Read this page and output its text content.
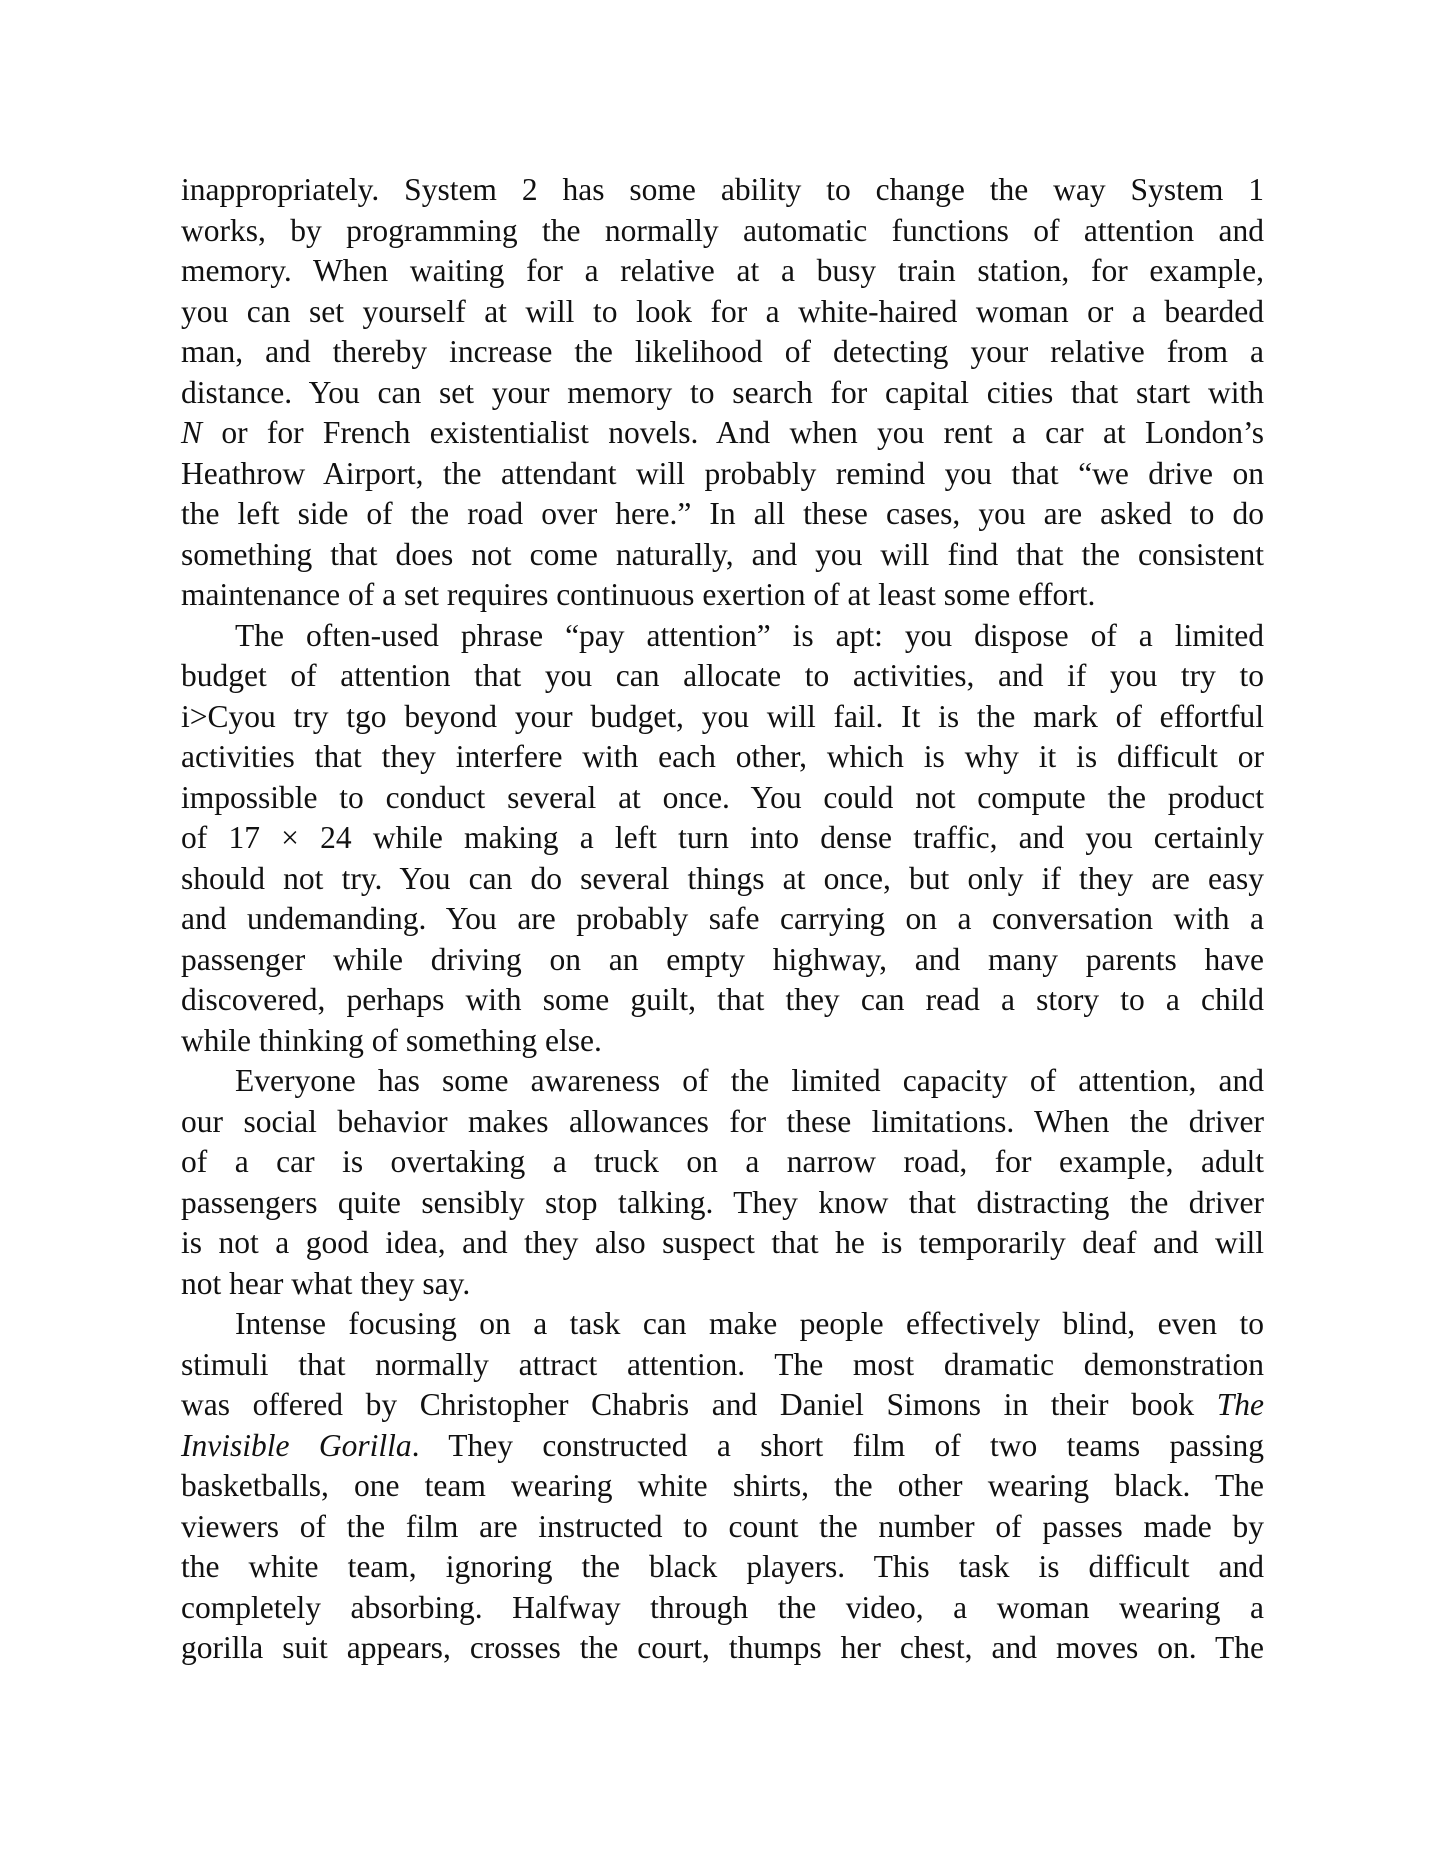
inappropriately. System 2 has some ability to change the way System 1
works, by programming the normally automatic functions of attention and
memory. When waiting for a relative at a busy train station, for example,
you can set yourself at will to look for a white-haired woman or a bearded
man, and thereby increase the likelihood of detecting your relative from a
distance. You can set your memory to search for capital cities that start with
N or for French existentialist novels. And when you rent a car at London’s
Heathrow Airport, the attendant will probably remind you that “we drive on
the left side of the road over here.” In all these cases, you are asked to do
something that does not come naturally, and you will find that the consistent
maintenance of a set requires continuous exertion of at least some effort.
The often-used phrase “pay attention” is apt: you dispose of a limited
budget of attention that you can allocate to activities, and if you try to
i>Cyou try tgo beyond your budget, you will fail. It is the mark of effortful
activities that they interfere with each other, which is why it is difficult or
impossible to conduct several at once. You could not compute the product
of 17 × 24 while making a left turn into dense traffic, and you certainly
should not try. You can do several things at once, but only if they are easy
and undemanding. You are probably safe carrying on a conversation with a
passenger while driving on an empty highway, and many parents have
discovered, perhaps with some guilt, that they can read a story to a child
while thinking of something else.
Everyone has some awareness of the limited capacity of attention, and
our social behavior makes allowances for these limitations. When the driver
of a car is overtaking a truck on a narrow road, for example, adult
passengers quite sensibly stop talking. They know that distracting the driver
is not a good idea, and they also suspect that he is temporarily deaf and will
not hear what they say.
Intense focusing on a task can make people effectively blind, even to
stimuli that normally attract attention. The most dramatic demonstration
was offered by Christopher Chabris and Daniel Simons in their book The
Invisible Gorilla. They constructed a short film of two teams passing
basketballs, one team wearing white shirts, the other wearing black. The
viewers of the film are instructed to count the number of passes made by
the white team, ignoring the black players. This task is difficult and
completely absorbing. Halfway through the video, a woman wearing a
gorilla suit appears, crosses the court, thumps her chest, and moves on. The
